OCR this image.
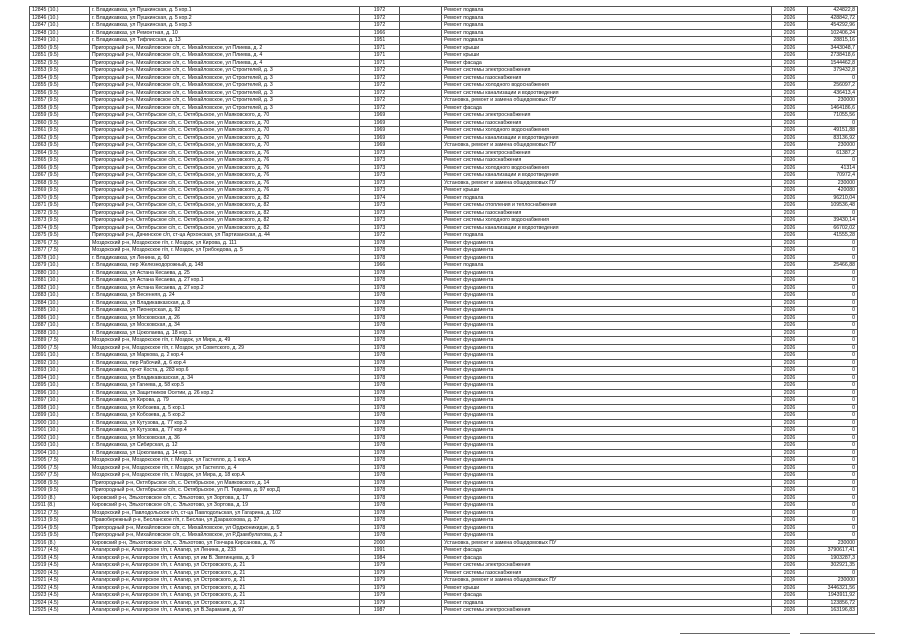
12845 (10.)	г. Владикавказ, ул Пушкинская, д. 5 кор.1	1972		Ремонт подвала	2026	424822,8
12846 (10.)	г. Владикавказ, ул Пушкинская, д. 5 кор.2	1972		Ремонт подвала	2026	428842,72
12847 (10.)	г. Владикавказ, ул Пушкинская, д. 5 кор.3	1972		Ремонт подвала	2026	454292,96
12848 (10.)	г. Владикавказ, ул Ремонтная, д. 10	1966		Ремонт подвала	2026	102406,24
12849 (10.)	г. Владикавказ, ул Тифлисская, д. 13	1951		Ремонт подвала	2026	28815,16
12850 (9.5)	Пригородный р-н, Михайловское с/п, с. Михайловское, ул Плиева, д. 2	1971		Ремонт крыши	2026	3443048,7
12851 (9.5)	Пригородный р-н, Михайловское с/п, с. Михайловское, ул Плиева, д. 4	1971		Ремонт крыши	2026	2738418,6
12852 (9.5)	Пригородный р-н, Михайловское с/п, с. Михайловское, ул Плиева, д. 4	1971		Ремонт фасада	2026	1544462,8
12853 (9.5)	Пригородный р-н, Михайловское с/п, с. Михайловское, ул Строителей, д. 3	1972		Ремонт системы электроснабжения	2026	379432,8
12854 (9.5)	Пригородный р-н, Михайловское с/п, с. Михайловское, ул Строителей, д. 3	1972		Ремонт системы газоснабжения	2026	0
12855 (9.5)	Пригородный р-н, Михайловское с/п, с. Михайловское, ул Строителей, д. 3	1972		Ремонт системы холодного водоснабжения	2026	256097,2
12856 (9.5)	Пригородный р-н, Михайловское с/п, с. Михайловское, ул Строителей, д. 3	1972		Ремонт системы канализации и водоотведения	2026	436413,4
12857 (9.5)	Пригородный р-н, Михайловское с/п, с. Михайловское, ул Строителей, д. 3	1972		Установка, ремонт и замена общедомовых ПУ	2026	230000
12858 (9.5)	Пригородный р-н, Михайловское с/п, с. Михайловское, ул Строителей, д. 3	1972		Ремонт фасада	2026	1464186,6
12859 (9.5)	Пригородный р-н, Октябрьское с/п, с. Октябрьское, ул Маяковского, д. 70	1969		Ремонт системы электроснабжения	2026	71055,56
12860 (9.5)	Пригородный р-н, Октябрьское с/п, с. Октябрьское, ул Маяковского, д. 70	1969		Ремонт системы газоснабжения	2026	0
12861 (9.5)	Пригородный р-н, Октябрьское с/п, с. Октябрьское, ул Маяковского, д. 70	1969		Ремонт системы холодного водоснабжения	2026	49151,88
12862 (9.5)	Пригородный р-н, Октябрьское с/п, с. Октябрьское, ул Маяковского, д. 70	1969		Ремонт системы канализации и водоотведения	2026	83136,92
12863 (9.5)	Пригородный р-н, Октябрьское с/п, с. Октябрьское, ул Маяковского, д. 70	1969		Установка, ремонт и замена общедомовых ПУ	2026	230000
12864 (9.5)	Пригородный р-н, Октябрьское с/п, с. Октябрьское, ул Маяковского, д. 76	1973		Ремонт системы электроснабжения	2026	61387,2
12865 (9.5)	Пригородный р-н, Октябрьское с/п, с. Октябрьское, ул Маяковского, д. 76	1973		Ремонт системы газоснабжения	2026	0
12866 (9.5)	Пригородный р-н, Октябрьское с/п, с. Октябрьское, ул Маяковского, д. 76	1973		Ремонт системы холодного водоснабжения	2026	41314
12867 (9.5)	Пригородный р-н, Октябрьское с/п, с. Октябрьское, ул Маяковского, д. 76	1973		Ремонт системы канализации и водоотведения	2026	70972,4
12868 (9.5)	Пригородный р-н, Октябрьское с/п, с. Октябрьское, ул Маяковского, д. 76	1973		Установка, ремонт и замена общедомовых ПУ	2026	230000
12869 (9.5)	Пригородный р-н, Октябрьское с/п, с. Октябрьское, ул Маяковского, д. 76	1973		Ремонт крыши	2026	420080
12870 (9.5)	Пригородный р-н, Октябрьское с/п, с. Октябрьское, ул Маяковского, д. 82	1974		Ремонт подвала	2026	96210,04
12871 (9.5)	Пригородный р-н, Октябрьское с/п, с. Октябрьское, ул Маяковского, д. 82	1973		Ремонт системы отопления и теплоснабжения	2026	109536,48
12872 (9.5)	Пригородный р-н, Октябрьское с/п, с. Октябрьское, ул Маяковского, д. 82	1973		Ремонт системы газоснабжения	2026	0
12873 (9.5)	Пригородный р-н, Октябрьское с/п, с. Октябрьское, ул Маяковского, д. 82	1973		Ремонт системы холодного водоснабжения	2026	39430,14
12874 (9.5)	Пригородный р-н, Октябрьское с/п, с. Октябрьское, ул Маяковского, д. 82	1973		Ремонт системы канализации и водоотведения	2026	66702,02
12875 (9.5)	Пригородный р-н, Дачинское с/п, ст-ца Архонская, ул Партизанская, д. 44	1972		Ремонт подвала	2026	41555,28
12876 (7.5)	Моздокский р-н, Моздокское г/п, г. Моздок, ул Кирова, д. 111	1978		Ремонт фундамента	2026	0
12877 (7.5)	Моздокский р-н, Моздокское г/п, г. Моздок, ул Грибоедова, д. 5	1978		Ремонт фундамента	2026	0
12878 (10.)	г. Владикавказ, ул Ленина, д. 60	1978		Ремонт фундамента	2026	0
12879 (10.)	г. Владикавказ, пер Железнодорожный, д. 148	1966		Ремонт подвала	2026	25466,88
12880 (10.)	г. Владикавказ, ул Астана Кесаева, д. 25	1978		Ремонт фундамента	2026	0
12881 (10.)	г. Владикавказ, ул Астана Кесаева, д. 27 кор.1	1978		Ремонт фундамента	2026	0
12882 (10.)	г. Владикавказ, ул Астана Кесаева, д. 27 кор.2	1978		Ремонт фундамента	2026	0
12883 (10.)	г. Владикавказ, ул Весенняя, д. 24	1978		Ремонт фундамента	2026	0
12884 (10.)	г. Владикавказ, ул Владикавказская, д. 8	1978		Ремонт фундамента	2026	0
12885 (10.)	г. Владикавказ, ул Пионерская, д. 92	1978		Ремонт фундамента	2026	0
12886 (10.)	г. Владикавказ, ул Московская, д. 26	1978		Ремонт фундамента	2026	0
12887 (10.)	г. Владикавказ, ул Московская, д. 34	1978		Ремонт фундамента	2026	0
12888 (10.)	г. Владикавказ, ул Цоколаева, д. 18 кор.1	1978		Ремонт фундамента	2026	0
12889 (7.5)	Моздокский р-н, Моздокское г/п, г. Моздок, ул Мира, д. 49	1978		Ремонт фундамента	2026	0
12890 (7.5)	Моздокский р-н, Моздокское г/п, г. Моздок, ул Советского, д. 29	1978		Ремонт фундамента	2026	0
12891 (10.)	г. Владикавказ, ул Маркова, д. 2 кор.4	1978		Ремонт фундамента	2026	0
12892 (10.)	г. Владикавказ, пер Рабочий, д. 6 кор.4	1978		Ремонт фундамента	2026	0
12893 (10.)	г. Владикавказ, пр-кт Коста, д. 283 кор.6	1978		Ремонт фундамента	2026	0
12894 (10.)	г. Владикавказ, ул Владикавказская, д. 34	1978		Ремонт фундамента	2026	0
12895 (10.)	г. Владикавказ, ул Гагиева, д. 58 кор.5	1978		Ремонт фундамента	2026	0
12896 (10.)	г. Владикавказ, ул Защитников Осетии, д. 26 кор.2	1978		Ремонт фундамента	2026	0
12897 (10.)	г. Владикавказ, ул Кирова, д. 79	1978		Ремонт фундамента	2026	0
12898 (10.)	г. Владикавказ, ул Кобозева, д. 5 кор.1	1978		Ремонт фундамента	2026	0
12899 (10.)	г. Владикавказ, ул Кобозева, д. 5 кор.2	1978		Ремонт фундамента	2026	0
12900 (10.)	г. Владикавказ, ул Кутузова, д. 77 кор.3	1978		Ремонт фундамента	2026	0
12901 (10.)	г. Владикавказ, ул Кутузова, д. 77 кор.4	1978		Ремонт фундамента	2026	0
12902 (10.)	г. Владикавказ, ул Московская, д. 36	1978		Ремонт фундамента	2026	0
12903 (10.)	г. Владикавказ, ул Сибирская, д. 12	1978		Ремонт фундамента	2026	0
12904 (10.)	г. Владикавказ, ул Цоколаева, д. 14 кор.1	1978		Ремонт фундамента	2026	0
12905 (7.5)	Моздокский р-н, Моздокское г/п, г. Моздок, ул Гастелло, д. 1 кор.А	1978		Ремонт фундамента	2026	0
12906 (7.5)	Моздокский р-н, Моздокское г/п, г. Моздок, ул Гастелло, д. 4	1978		Ремонт фундамента	2026	0
12907 (7.5)	Моздокский р-н, Моздокское г/п, г. Моздок, ул Мира, д. 18 кор.А	1978		Ремонт фундамента	2026	0
12908 (9.5)	Пригородный р-н, Октябрьское с/п, с. Октябрьское, ул Маяковского, д. 14	1978		Ремонт фундамента	2026	0
12909 (9.5)	Пригородный р-н, Октябрьское с/п, с. Октябрьское, ул П. Тедеева, д. 97 кор.Д	1978		Ремонт фундамента	2026	0
12910 (8.)	Кировский р-н, Эльхотовское с/п, с. Эльхотово, ул Зортова, д. 17	1978		Ремонт фундамента	2026	0
12911 (8.)	Кировский р-н, Эльхотовское с/п, с. Эльхотово, ул Зортова, д. 19	1978		Ремонт фундамента	2026	0
12912 (7.5)	Моздокский р-н, Павлодольское с/п, ст-ца Павлодольская, ул Гагарина, д. 102	1978		Ремонт фундамента	2026	0
12913 (9.5)	Правобережный р-н, Бесланское г/п, г. Беслан, ул Дзарахохова, д. 37	1978		Ремонт фундамента	2026	0
12914 (9.5)	Пригородный р-н, Михайловское с/п, с. Михайловское, ул Орджоникидзе, д. 5	1978		Ремонт фундамента	2026	0
12915 (9.5)	Пригородный р-н, Михайловское с/п, с. Михайловское, ул Р.Дзамбулатова, д. 2	1978		Ремонт фундамента	2026	0
12916 (8.)	Кировский р-н, Эльхотовское с/п, с. Эльхотово, ул Гончара Кирсанова, д. 76	2000		Установка, ремонт и замена общедомовых ПУ	2026	230000
12917 (4.5)	Алагирский р-н, Алагирское г/п, г. Алагир, ул Ленина, д. 233	1991		Ремонт фасада	2026	3790617,41
12918 (4.5)	Алагирский р-н, Алагирское г/п, г. Алагир, ул им В. Звягинцева, д. 9	1984		Ремонт фасада	2026	1903287,3
12919 (4.5)	Алагирский р-н, Алагирское г/п, г. Алагир, ул Островского, д. 21	1979		Ремонт системы электроснабжения	2026	302921,35
12920 (4.5)	Алагирский р-н, Алагирское г/п, г. Алагир, ул Островского, д. 21	1979		Ремонт системы газоснабжения	2026	0
12921 (4.5)	Алагирский р-н, Алагирское г/п, г. Алагир, ул Островского, д. 21	1979		Установка, ремонт и замена общедомовых ПУ	2026	230000
12922 (4.5)	Алагирский р-н, Алагирское г/п, г. Алагир, ул Островского, д. 21	1979		Ремонт крыши	2026	3446321,56
12923 (4.5)	Алагирский р-н, Алагирское г/п, г. Алагир, ул Островского, д. 21	1979		Ремонт фасада	2026	1943911,92
12924 (4.5)	Алагирский р-н, Алагирское г/п, г. Алагир, ул Островского, д. 21	1979		Ремонт подвала	2026	123856,72
12925 (4.5)	Алагирский р-н, Алагирское г/п, г. Алагир, ул В.Зарамаев, д. 97	1987		Ремонт системы электроснабжения	2026	163196,83
